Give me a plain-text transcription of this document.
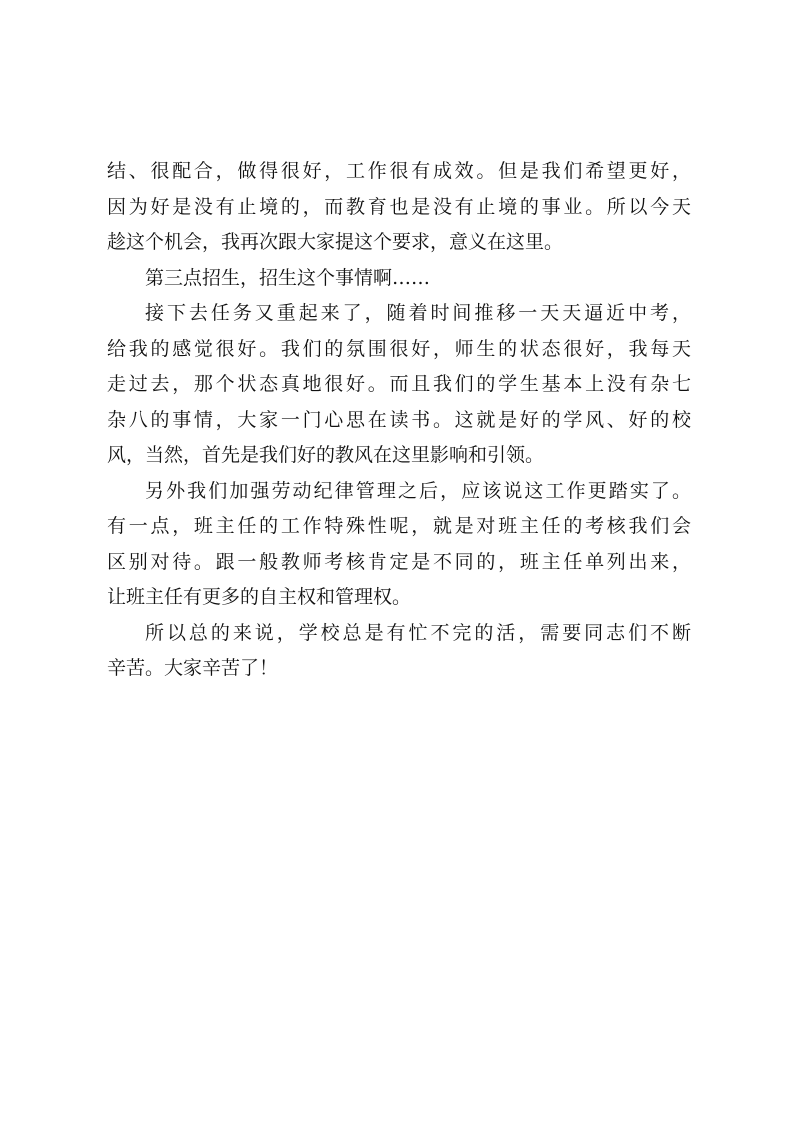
结、很配合，做得很好，工作很有成效。但是我们希望更好，
因为好是没有止境的，而教育也是没有止境的事业。所以今天
趁这个机会，我再次跟大家提这个要求，意义在这里。
第三点招生，招生这个事情啊……
接下去任务又重起来了，随着时间推移一天天逼近中考，
给我的感觉很好。我们的氛围很好，师生的状态很好，我每天
走过去，那个状态真地很好。而且我们的学生基本上没有杂七
杂八的事情，大家一门心思在读书。这就是好的学风、好的校
风，当然，首先是我们好的教风在这里影响和引领。
另外我们加强劳动纪律管理之后，应该说这工作更踏实了。
有一点，班主任的工作特殊性呢，就是对班主任的考核我们会
区别对待。跟一般教师考核肯定是不同的，班主任单列出来，
让班主任有更多的自主权和管理权。
所以总的来说，学校总是有忙不完的活，需要同志们不断
辛苦。大家辛苦了！
